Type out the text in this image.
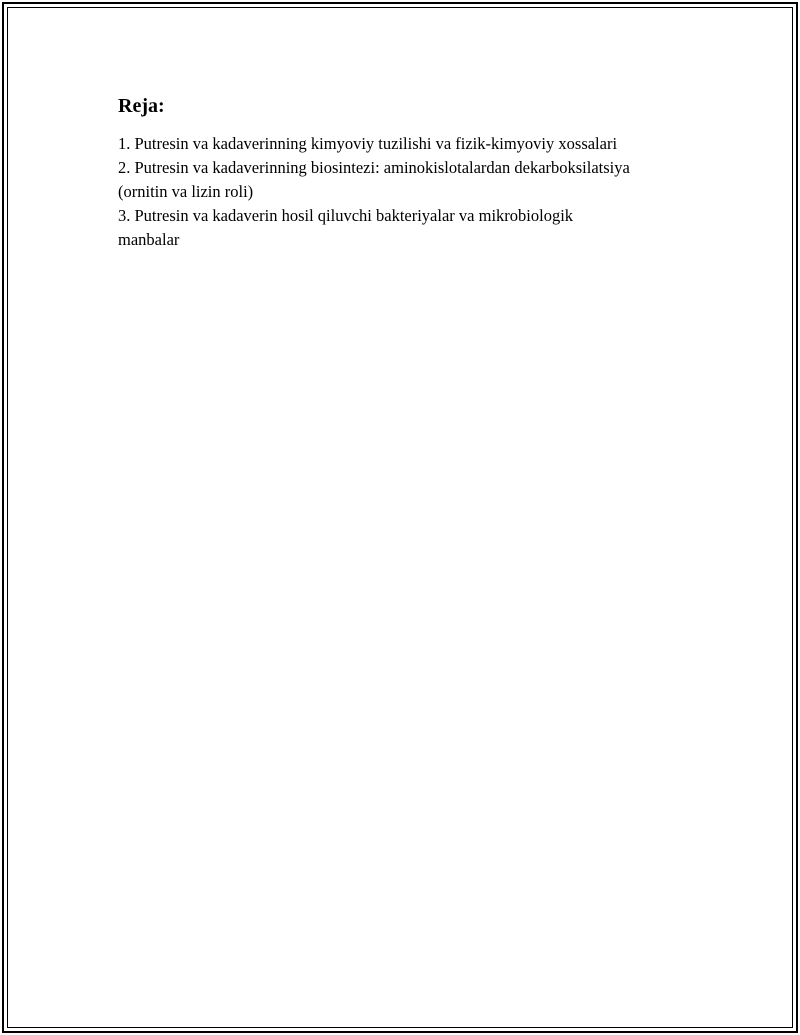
Reja:
1. Putresin va kadaverinning kimyoviy tuzilishi va fizik-kimyoviy xossalari
2. Putresin va kadaverinning biosintezi: aminokislotalardan dekarboksilatsiya (ornitin va lizin roli)
3. Putresin va kadaverin hosil qiluvchi bakteriyalar va mikrobiologik manbalar
